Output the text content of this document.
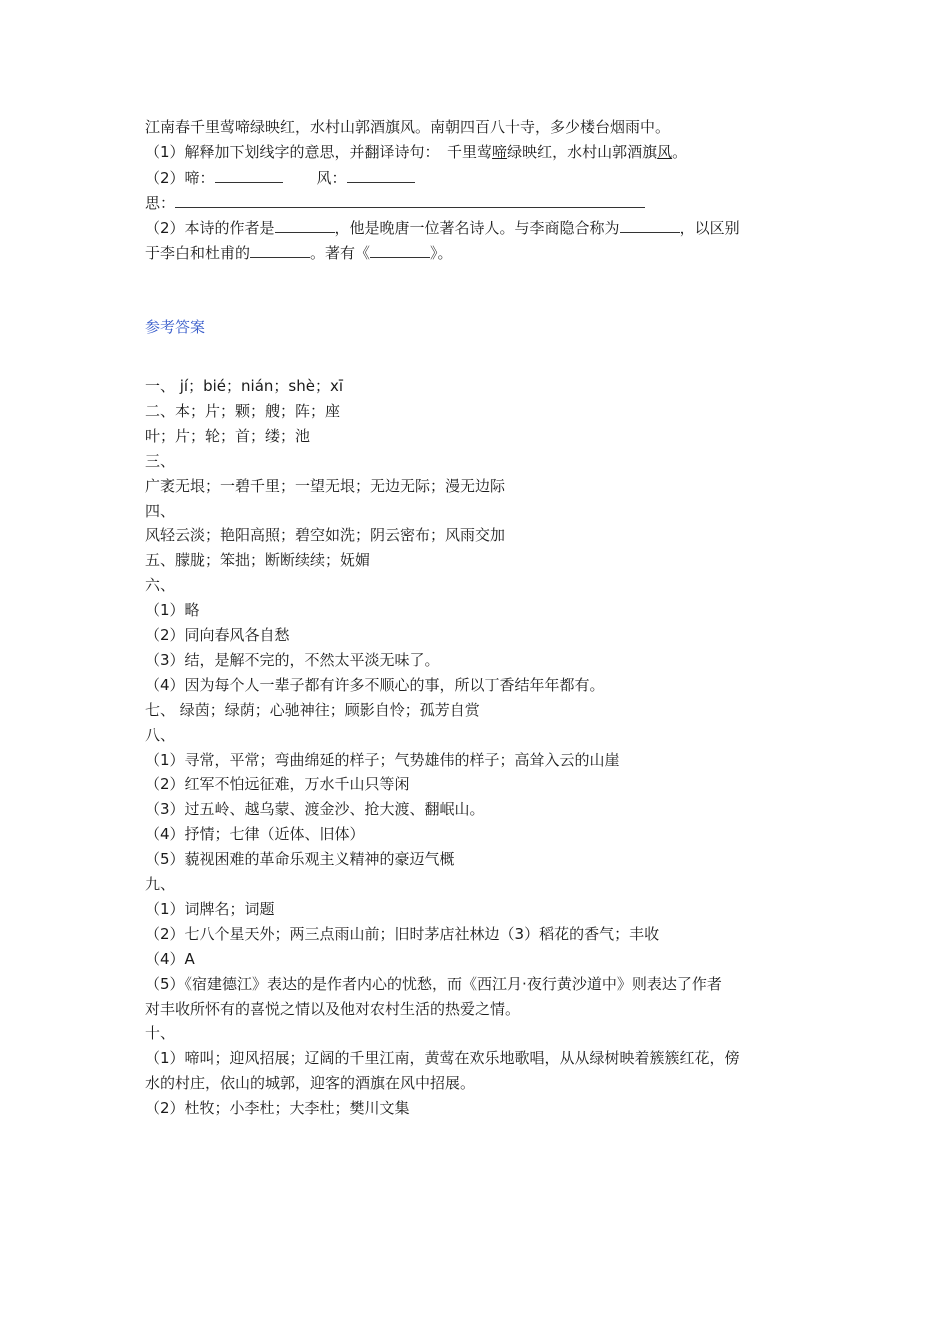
江南春千里莺啼绿映红，水村山郭酒旗风。南朝四百八十寺，多少楼台烟雨中。
（1）解释加下划线字的意思，并翻译诗句：　千里莺啼绿映红，水村山郭酒旗风。
（2）啼：	风：
思：
（2）本诗的作者是	，他是晚唐一位著名诗人。与李商隐合称为	，以区别
于李白和杜甫的	。著有《	》。
参考答案
一、 jí；bié；nián；shè；xī
二、本；片；颗；艘；阵；座
叶；片；轮；首；缕；池
三、
广袤无垠；一碧千里；一望无垠；无边无际；漫无边际
四、
风轻云淡；艳阳高照；碧空如洗；阴云密布；风雨交加
五、朦胧；笨拙；断断续续；妩媚
六、
（1）略
（2）同向春风各自愁
（3）结，是解不完的，不然太平淡无味了。
（4）因为每个人一辈子都有许多不顺心的事，所以丁香结年年都有。
七、 绿茵；绿荫；心驰神往；顾影自怜；孤芳自赏
八、
（1）寻常，平常；弯曲绵延的样子；气势雄伟的样子；高耸入云的山崖
（2）红军不怕远征难，万水千山只等闲
（3）过五岭、越乌蒙、渡金沙、抢大渡、翻岷山。
（4）抒情；七律（近体、旧体）
（5）藐视困难的革命乐观主义精神的豪迈气概
九、
（1）词牌名；词题
（2）七八个星天外；两三点雨山前；旧时茅店社林边（3）稻花的香气；丰收
（4）A
（5）《宿建德江》表达的是作者内心的忧愁，而《西江月·夜行黄沙道中》则表达了作者
对丰收所怀有的喜悦之情以及他对农村生活的热爱之情。
十、
（1）啼叫；迎风招展；辽阔的千里江南，黄莺在欢乐地歌唱，从从绿树映着簇簇红花，傍
水的村庄，依山的城郭，迎客的酒旗在风中招展。
（2）杜牧；小李杜；大李杜；樊川文集
